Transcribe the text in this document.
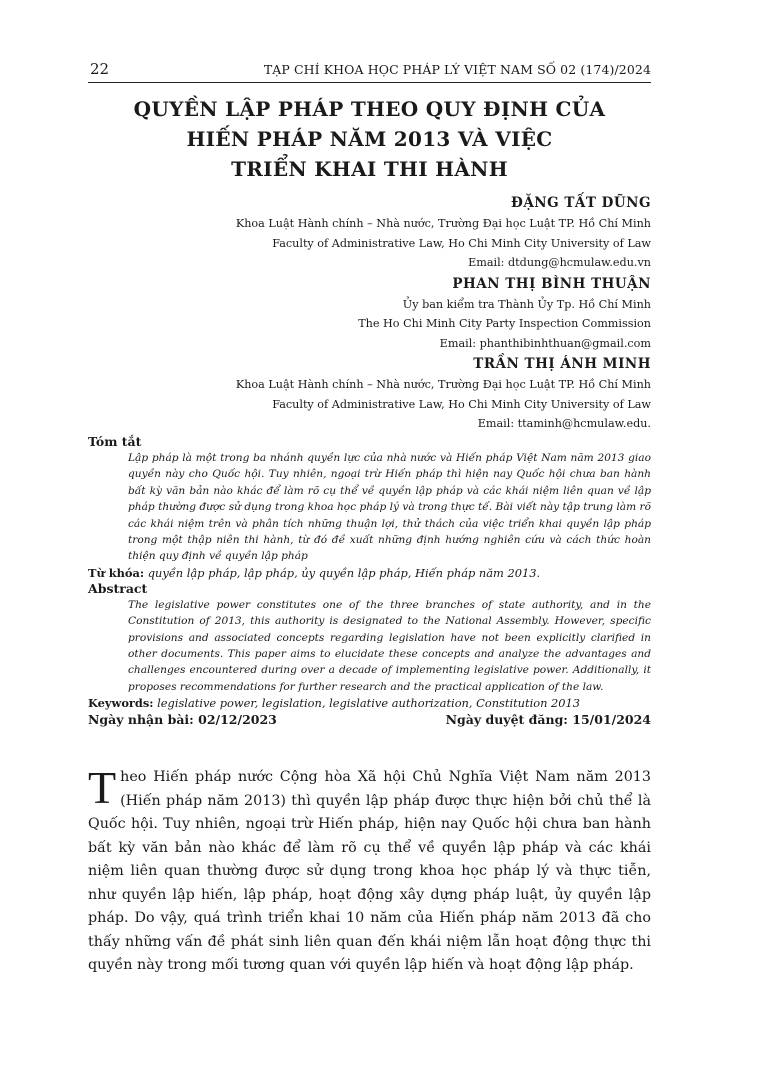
22	TẠP CHÍ KHOA HỌC PHÁP LÝ VIỆT NAM SỐ 02 (174)/2024
QUYỀN LẬP PHÁP THEO QUY ĐỊNH CỦA
HIẾN PHÁP NĂM 2013 VÀ VIỆC
TRIỂN KHAI THI HÀNH
ĐẶNG TẤT DŨNG
Khoa Luật Hành chính – Nhà nước, Trường Đại học Luật TP. Hồ Chí Minh
Faculty of Administrative Law, Ho Chi Minh City University of Law
Email: dtdung@hcmulaw.edu.vn
PHAN THỊ BÌNH THUẬN
Ủy ban kiểm tra Thành Ủy Tp. Hồ Chí Minh
The Ho Chi Minh City Party Inspection Commission
Email: phanthibinhthuan@gmail.com
TRẦN THỊ ÁNH MINH
Khoa Luật Hành chính – Nhà nước, Trường Đại học Luật TP. Hồ Chí Minh
Faculty of Administrative Law, Ho Chi Minh City University of Law
Email: ttaminh@hcmulaw.edu.
Tóm tắt
Lập pháp là một trong ba nhánh quyền lực của nhà nước và Hiến pháp Việt Nam năm 2013 giao quyền này cho Quốc hội. Tuy nhiên, ngoại trừ Hiến pháp thì hiện nay Quốc hội chưa ban hành bất kỳ văn bản nào khác để làm rõ cụ thể về quyền lập pháp và các khái niệm liên quan về lập pháp thường được sử dụng trong khoa học pháp lý và trong thực tế. Bài viết này tập trung làm rõ các khái niệm trên và phân tích những thuận lợi, thử thách của việc triển khai quyền lập pháp trong một thập niên thi hành, từ đó đề xuất những định hướng nghiên cứu và cách thức hoàn thiện quy định về quyền lập pháp
Từ khóa: quyền lập pháp, lập pháp, ủy quyền lập pháp, Hiến pháp năm 2013.
Abstract
The legislative power constitutes one of the three branches of state authority, and in the Constitution of 2013, this authority is designated to the National Assembly. However, specific provisions and associated concepts regarding legislation have not been explicitly clarified in other documents. This paper aims to elucidate these concepts and analyze the advantages and challenges encountered during over a decade of implementing legislative power. Additionally, it proposes recommendations for further research and the practical application of the law.
Keywords: legislative power, legislation, legislative authorization, Constitution 2013
Ngày nhận bài: 02/12/2023	Ngày duyệt đăng: 15/01/2024
T heo Hiến pháp nước Cộng hòa Xã hội Chủ Nghĩa Việt Nam năm 2013 (Hiến pháp năm 2013) thì quyền lập pháp được thực hiện bởi chủ thể là Quốc hội. Tuy nhiên, ngoại trừ Hiến pháp, hiện nay Quốc hội chưa ban hành bất kỳ văn bản nào khác để làm rõ cụ thể về quyền lập pháp và các khái niệm liên quan thường được sử dụng trong khoa học pháp lý và thực tiễn, như quyền lập hiến, lập pháp, hoạt động xây dựng pháp luật, ủy quyền lập pháp. Do vậy, quá trình triển khai 10 năm của Hiến pháp năm 2013 đã cho thấy những vấn đề phát sinh liên quan đến khái niệm lẫn hoạt động thực thi quyền này trong mối tương quan với quyền lập hiến và hoạt động lập pháp.
